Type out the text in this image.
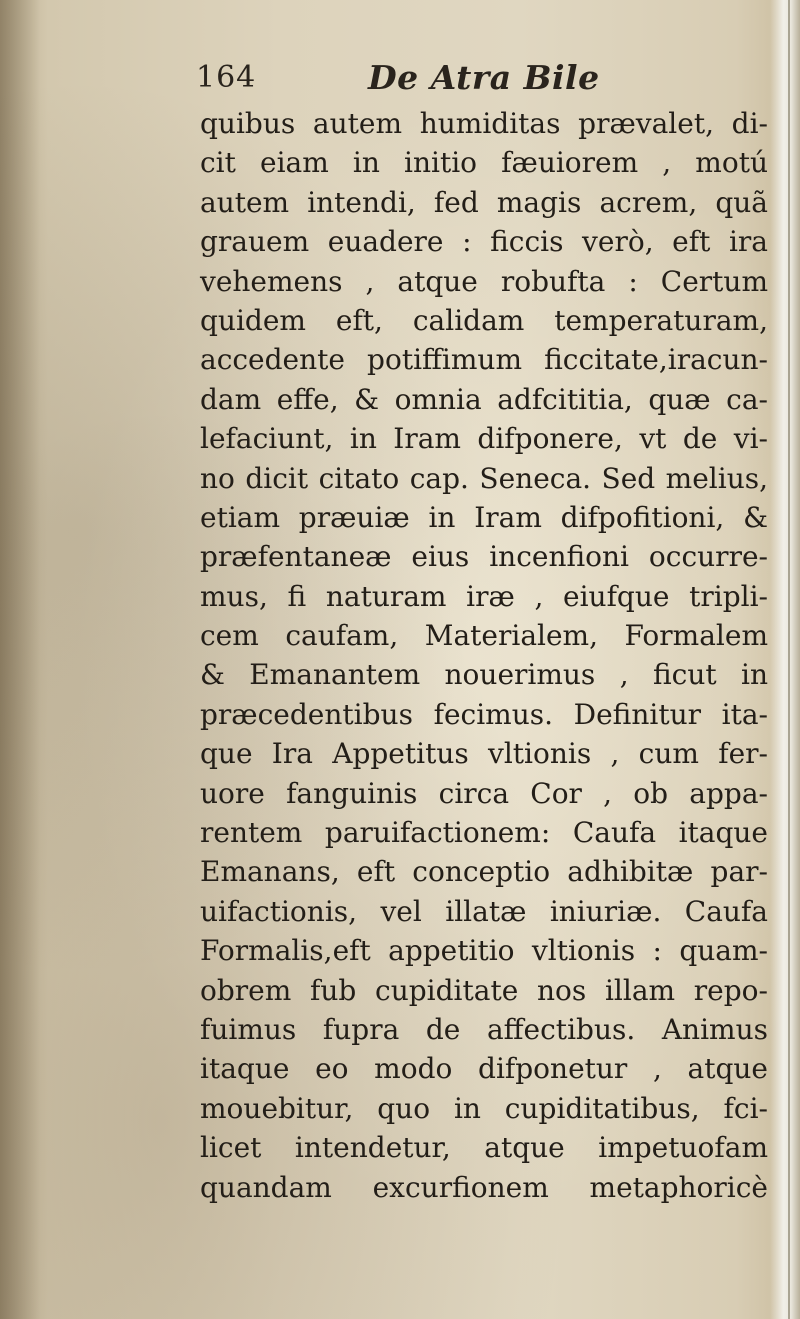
164	De Atra Bile
quibus autem humiditas prævalet, di-
cit eiam in initio fæuiorem , motú
autem intendi, fed magis acrem, quã
grauem euadere : ficcis verò, eft ira
vehemens , atque robufta : Certum
quidem eft, calidam temperaturam,
accedente potiffimum ficcitate,iracun-
dam effe, & omnia adfcititia, quæ ca-
lefaciunt, in Iram difponere, vt de vi-
no dicit citato cap. Seneca. Sed melius,
etiam præuiæ in Iram difpofitioni, &
præfentaneæ eius incenfioni occurre-
mus, fi naturam iræ , eiufque tripli-
cem caufam, Materialem, Formalem
& Emanantem nouerimus , ficut in
præcedentibus fecimus. Definitur ita-
que Ira Appetitus vltionis , cum fer-
uore fanguinis circa Cor , ob appa-
rentem paruifactionem: Caufa itaque
Emanans, eft conceptio adhibitæ par-
uifactionis, vel illatæ iniuriæ. Caufa
Formalis,eft appetitio vltionis : quam-
obrem fub cupiditate nos illam repo-
fuimus fupra de affectibus. Animus
itaque eo modo difponetur , atque
mouebitur, quo in cupiditatibus, fci-
licet intendetur, atque impetuofam
quandam excurfionem metaphoricè
